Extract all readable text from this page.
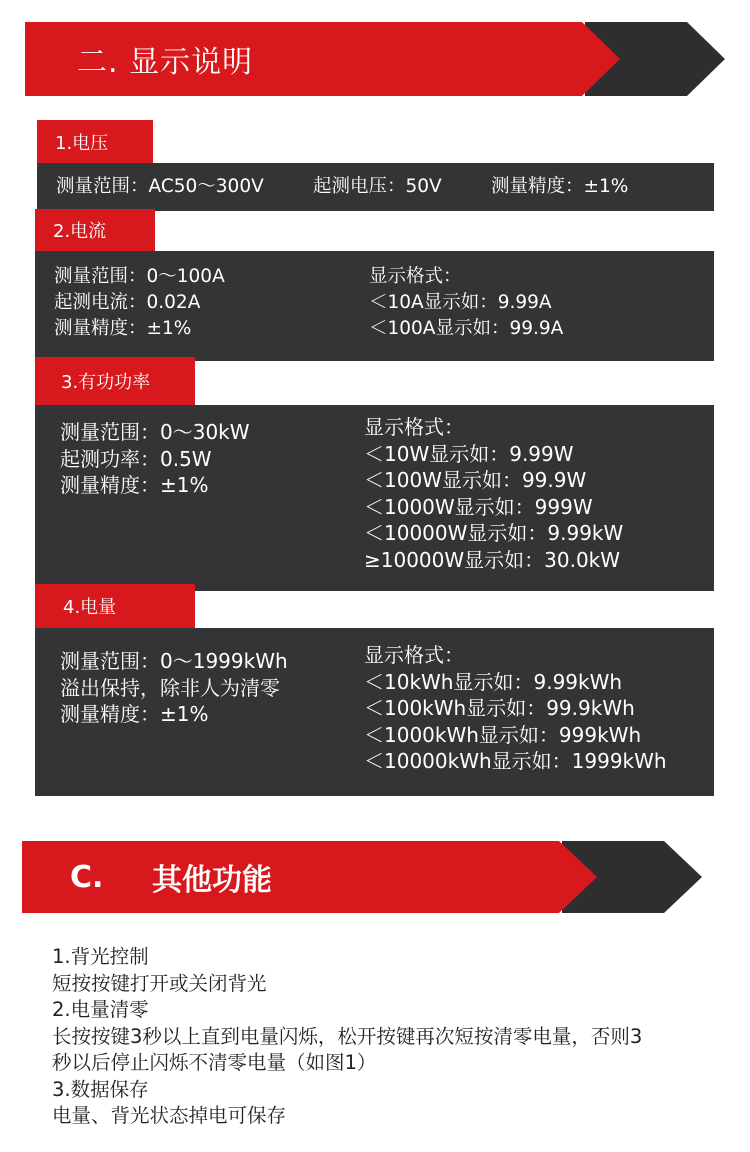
二. 显示说明
1.电压
测量范围：AC50～300V	起测电压：50V	测量精度：±1%
2.电流
测量范围：0～100A
起测电流：0.02A
测量精度：±1%
显示格式：
＜10A显示如：9.99A
＜100A显示如：99.9A
3.有功功率
测量范围：0～30kW
起测功率：0.5W
测量精度：±1%
显示格式：
＜10W显示如：9.99W
＜100W显示如：99.9W
＜1000W显示如：999W
＜10000W显示如：9.99kW
≥10000W显示如：30.0kW
4.电量
测量范围：0～1999kWh
溢出保持，除非人为清零
测量精度：±1%
显示格式：
＜10kWh显示如：9.99kWh
＜100kWh显示如：99.9kWh
＜1000kWh显示如：999kWh
＜10000kWh显示如：1999kWh
C. 其他功能
1.背光控制
短按按键打开或关闭背光
2.电量清零
长按按键3秒以上直到电量闪烁，松开按键再次短按清零电量，否则3
秒以后停止闪烁不清零电量（如图1）
3.数据保存
电量、背光状态掉电可保存
